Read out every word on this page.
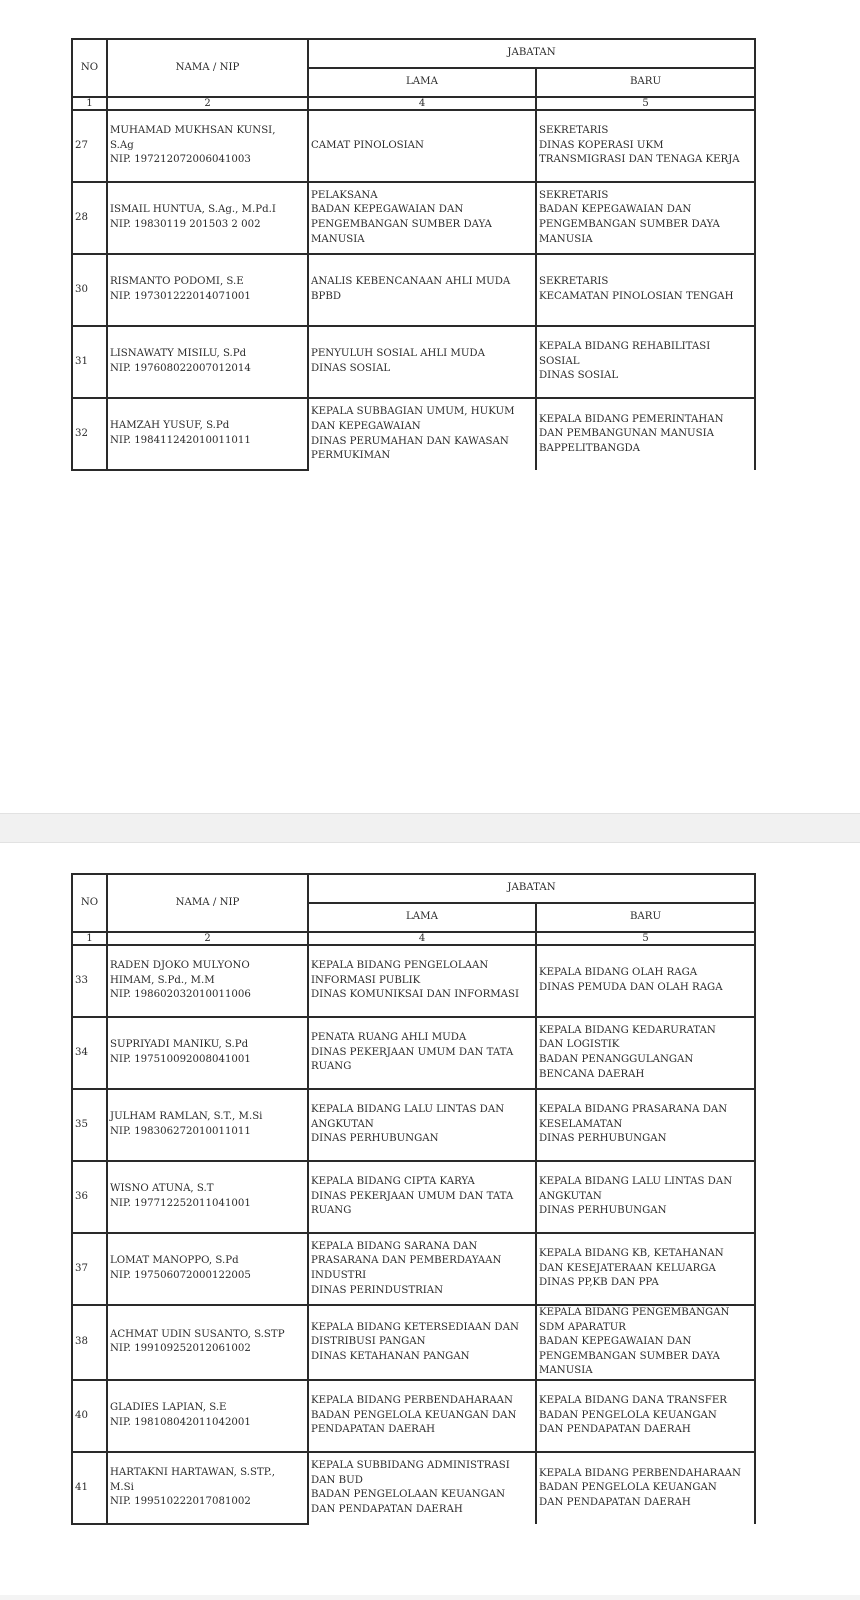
NO	NAMA / NIP	JABATAN	
		LAMA	BARU
1	2	4	5
27	MUHAMAD MUKHSAN KUNSI,
S.Ag
NIP. 197212072006041003	CAMAT PINOLOSIAN	SEKRETARIS
DINAS KOPERASI UKM
TRANSMIGRASI DAN TENAGA KERJA

28	ISMAIL HUNTUA, S.Ag., M.Pd.I
NIP. 19830119 201503 2 002	PELAKSANA
BADAN KEPEGAWAIAN DAN
PENGEMBANGAN SUMBER DAYA
MANUSIA	SEKRETARIS
BADAN KEPEGAWAIAN DAN
PENGEMBANGAN SUMBER DAYA
MANUSIA

30	RISMANTO PODOMI, S.E
NIP. 197301222014071001	ANALIS KEBENCANAAN AHLI MUDA
BPBD	SEKRETARIS
KECAMATAN PINOLOSIAN TENGAH

31	LISNAWATY MISILU, S.Pd
NIP. 197608022007012014	PENYULUH SOSIAL AHLI MUDA
DINAS SOSIAL	KEPALA BIDANG REHABILITASI
SOSIAL
DINAS SOSIAL

32	HAMZAH YUSUF, S.Pd
NIP. 198411242010011011	KEPALA SUBBAGIAN UMUM, HUKUM
DAN KEPEGAWAIAN
DINAS PERUMAHAN DAN KAWASAN
PERMUKIMAN	KEPALA BIDANG PEMERINTAHAN
DAN PEMBANGUNAN MANUSIA
BAPPELITBANGDA
NO	NAMA / NIP	JABATAN	
		LAMA	BARU
1	2	4	5
33	RADEN DJOKO MULYONO
HIMAM, S.Pd., M.M
NIP. 198602032010011006	KEPALA BIDANG PENGELOLAAN
INFORMASI PUBLIK
DINAS KOMUNIKSAI DAN INFORMASI	KEPALA BIDANG OLAH RAGA
DINAS PEMUDA DAN OLAH RAGA

34	SUPRIYADI MANIKU, S.Pd
NIP. 197510092008041001	PENATA RUANG AHLI MUDA
DINAS PEKERJAAN UMUM DAN TATA
RUANG	KEPALA BIDANG KEDARURATAN
DAN LOGISTIK
BADAN PENANGGULANGAN
BENCANA DAERAH

35	JULHAM RAMLAN, S.T., M.Si
NIP. 198306272010011011	KEPALA BIDANG LALU LINTAS DAN
ANGKUTAN
DINAS PERHUBUNGAN	KEPALA BIDANG PRASARANA DAN
KESELAMATAN
DINAS PERHUBUNGAN

36	WISNO ATUNA, S.T
NIP. 197712252011041001	KEPALA BIDANG CIPTA KARYA
DINAS PEKERJAAN UMUM DAN TATA
RUANG	KEPALA BIDANG LALU LINTAS DAN
ANGKUTAN
DINAS PERHUBUNGAN

37	LOMAT MANOPPO, S.Pd
NIP. 197506072000122005	KEPALA BIDANG SARANA DAN
PRASARANA DAN PEMBERDAYAAN
INDUSTRI
DINAS PERINDUSTRIAN	KEPALA BIDANG KB, KETAHANAN
DAN KESEJATERAAN KELUARGA
DINAS PP,KB DAN PPA

38	ACHMAT UDIN SUSANTO, S.STP
NIP. 199109252012061002	KEPALA BIDANG KETERSEDIAAN DAN
DISTRIBUSI PANGAN
DINAS KETAHANAN PANGAN	KEPALA BIDANG PENGEMBANGAN
SDM APARATUR
BADAN KEPEGAWAIAN DAN
PENGEMBANGAN SUMBER DAYA
MANUSIA

40	GLADIES LAPIAN, S.E
NIP. 198108042011042001	KEPALA BIDANG PERBENDAHARAAN
BADAN PENGELOLA KEUANGAN DAN
PENDAPATAN DAERAH	KEPALA BIDANG DANA TRANSFER
BADAN PENGELOLA KEUANGAN
DAN PENDAPATAN DAERAH

41	HARTAKNI HARTAWAN, S.STP.,
M.Si
NIP. 199510222017081002	KEPALA SUBBIDANG ADMINISTRASI
DAN BUD
BADAN PENGELOLAAN KEUANGAN
DAN PENDAPATAN DAERAH	KEPALA BIDANG PERBENDAHARAAN
BADAN PENGELOLA KEUANGAN
DAN PENDAPATAN DAERAH
